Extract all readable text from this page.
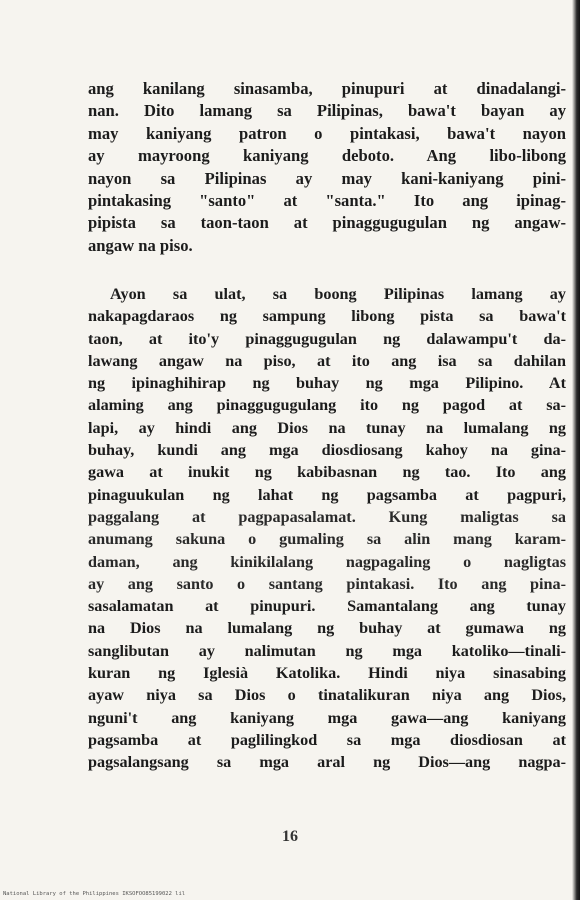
ang kanilang sinasamba, pinupuri at dinadalangi-
nan. Dito lamang sa Pilipinas, bawa't bayan ay
may kaniyang patron o pintakasi, bawa't nayon
ay mayroong kaniyang deboto. Ang libo-libong
nayon sa Pilipinas ay may kani-kaniyang pini-
pintakasing "santo" at "santa." Ito ang ipinag-
pipista sa taon-taon at pinaggugugulan ng angaw-
angaw na piso.
Ayon sa ulat, sa boong Pilipinas lamang ay
nakapagdaraos ng sampung libong pista sa bawa't
taon, at ito'y pinaggugugulan ng dalawampu't da-
lawang angaw na piso, at ito ang isa sa dahilan
ng ipinaghihirap ng buhay ng mga Pilipino. At
alaming ang pinaggugugulang ito ng pagod at sa-
lapi, ay hindi ang Dios na tunay na lumalang ng
buhay, kundi ang mga diosdiosang kahoy na gina-
gawa at inukit ng kabibasnan ng tao. Ito ang
pinaguukulan ng lahat ng pagsamba at pagpuri,
paggalang at pagpapasalamat. Kung maligtas sa
anumang sakuna o gumaling sa alin mang karam-
daman, ang kinikilalang nagpagaling o nagligtas
ay ang santo o santang pintakasi. Ito ang pina-
sasalamatan at pinupuri. Samantalang ang tunay
na Dios na lumalang ng buhay at gumawa ng
sanglibutan ay nalimutan ng mga katoliko—tinali-
kuran ng Iglesià Katolika. Hindi niya sinasabing
ayaw niya sa Dios o tinatalikuran niya ang Dios,
nguni't ang kaniyang mga gawa—ang kaniyang
pagsamba at paglilingkod sa mga diosdiosan at
pagsalangsang sa mga aral ng Dios—ang nagpa-
16
National Library of the Philippines IKSOFOO85199022 lil
